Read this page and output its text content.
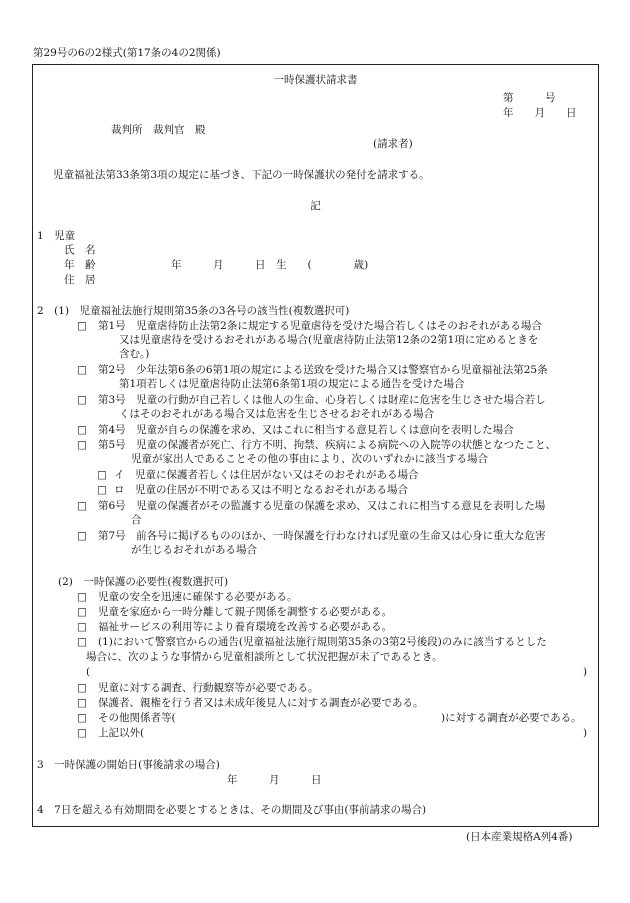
第29号の6の2様式(第17条の4の2関係)
一時保護状請求書
第　　　号
年　　月　　日
裁判所　裁判官　殿
(請求者)
児童福祉法第33条第3項の規定に基づき、下記の一時保護状の発付を請求する。
記
1　児童
氏　名
年　齢	年　　　月　　　日　生　　(　　　　歳)
住　居
2　(1)　児童福祉法施行規則第35条の3各号の該当性(複数選択可)
□ 第1号　児童虐待防止法第2条に規定する児童虐待を受けた場合若しくはそのおそれがある場合
又は児童虐待を受けるおそれがある場合(児童虐待防止法第12条の2第1項に定めるときを
含む。)
□ 第2号　少年法第6条の6第1項の規定による送致を受けた場合又は警察官から児童福祉法第25条
第1項若しくは児童虐待防止法第6条第1項の規定による通告を受けた場合
□ 第3号　児童の行動が自己若しくは他人の生命、心身若しくは財産に危害を生じさせた場合若し
くはそのおそれがある場合又は危害を生じさせるおそれがある場合
□ 第4号　児童が自らの保護を求め、又はこれに相当する意見若しくは意向を表明した場合
□ 第5号　児童の保護者が死亡、行方不明、拘禁、疾病による病院への入院等の状態となつたこと、
児童が家出人であることその他の事由により、次のいずれかに該当する場合
□ イ　児童に保護者若しくは住居がない又はそのおそれがある場合
□ ロ　児童の住居が不明である又は不明となるおそれがある場合
□ 第6号　児童の保護者がその監護する児童の保護を求め、又はこれに相当する意見を表明した場
合
□ 第7号　前各号に掲げるもののほか、一時保護を行わなければ児童の生命又は心身に重大な危害
が生じるおそれがある場合
(2)　一時保護の必要性(複数選択可)
□ 児童の安全を迅速に確保する必要がある。
□ 児童を家庭から一時分離して親子関係を調整する必要がある。
□ 福祉サービスの利用等により養育環境を改善する必要がある。
□ (1)において警察官からの通告(児童福祉法施行規則第35条の3第2号後段)のみに該当するとした
場合に、次のような事情から児童相談所として状況把握が未了であるとき。
(	)
□ 児童に対する調査、行動観察等が必要である。
□ 保護者、親権を行う者又は未成年後見人に対する調査が必要である。
□ その他関係者等(	)に対する調査が必要である。
□ 上記以外(	)
3　一時保護の開始日(事後請求の場合)
年　　　月　　　日
4　7日を超える有効期間を必要とするときは、その期間及び事由(事前請求の場合)
(日本産業規格A列4番)
